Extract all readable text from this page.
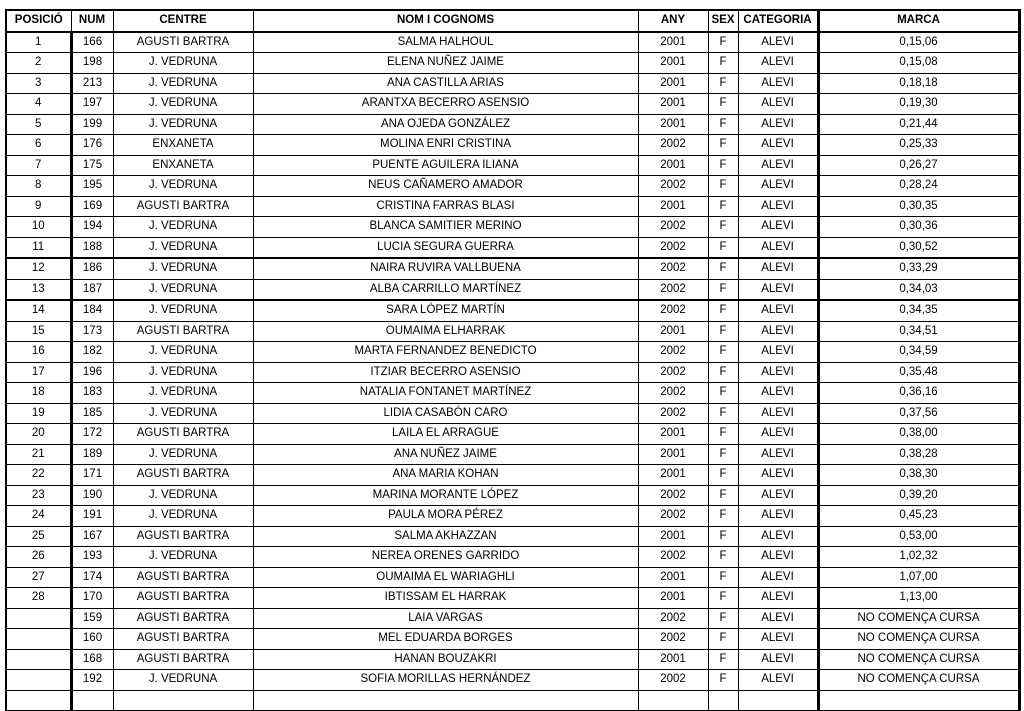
POSICIÓ	NUM	CENTRE	NOM I COGNOMS	ANY	SEX	CATEGORIA	MARCA
1	166	AGUSTI BARTRA	SALMA HALHOUL	2001	F	ALEVI	0,15,06
2	198	J. VEDRUNA	ELENA NUÑEZ JAIME	2001	F	ALEVI	0,15,08
3	213	J. VEDRUNA	ANA CASTILLA ARIAS	2001	F	ALEVI	0,18,18
4	197	J. VEDRUNA	ARANTXA BECERRO ASENSIO	2001	F	ALEVI	0,19,30
5	199	J. VEDRUNA	ANA OJEDA GONZÁLEZ	2001	F	ALEVI	0,21,44
6	176	ENXANETA	MOLINA ENRI CRISTINA	2002	F	ALEVI	0,25,33
7	175	ENXANETA	PUENTE AGUILERA ILIANA	2001	F	ALEVI	0,26,27
8	195	J. VEDRUNA	NEUS CAÑAMERO AMADOR	2002	F	ALEVI	0,28,24
9	169	AGUSTI BARTRA	CRISTINA FARRAS BLASI	2001	F	ALEVI	0,30,35
10	194	J. VEDRUNA	BLANCA SAMITIER MERINO	2002	F	ALEVI	0,30,36
11	188	J. VEDRUNA	LUCIA SEGURA GUERRA	2002	F	ALEVI	0,30,52
12	186	J. VEDRUNA	NAIRA RUVIRA VALLBUENA	2002	F	ALEVI	0,33,29
13	187	J. VEDRUNA	ALBA CARRILLO MARTÍNEZ	2002	F	ALEVI	0,34,03
14	184	J. VEDRUNA	SARA LÓPEZ MARTÍN	2002	F	ALEVI	0,34,35
15	173	AGUSTI BARTRA	OUMAIMA ELHARRAK	2001	F	ALEVI	0,34,51
16	182	J. VEDRUNA	MARTA FERNANDEZ BENEDICTO	2002	F	ALEVI	0,34,59
17	196	J. VEDRUNA	ITZIAR BECERRO ASENSIO	2002	F	ALEVI	0,35,48
18	183	J. VEDRUNA	NATALIA FONTANET MARTÍNEZ	2002	F	ALEVI	0,36,16
19	185	J. VEDRUNA	LIDIA CASABÓN CARO	2002	F	ALEVI	0,37,56
20	172	AGUSTI BARTRA	LAILA EL ARRAGUE	2001	F	ALEVI	0,38,00
21	189	J. VEDRUNA	ANA NUÑEZ JAIME	2001	F	ALEVI	0,38,28
22	171	AGUSTI BARTRA	ANA MARIA KOHAN	2001	F	ALEVI	0,38,30
23	190	J. VEDRUNA	MARINA MORANTE LÓPEZ	2002	F	ALEVI	0,39,20
24	191	J. VEDRUNA	PAULA MORA PÉREZ	2002	F	ALEVI	0,45,23
25	167	AGUSTI BARTRA	SALMA AKHAZZAN	2001	F	ALEVI	0,53,00
26	193	J. VEDRUNA	NEREA ORENES GARRIDO	2002	F	ALEVI	1,02,32
27	174	AGUSTI BARTRA	OUMAIMA EL WARIAGHLI	2001	F	ALEVI	1,07,00
28	170	AGUSTI BARTRA	IBTISSAM EL HARRAK	2001	F	ALEVI	1,13,00
	159	AGUSTI BARTRA	LAIA VARGAS	2002	F	ALEVI	NO COMENÇA CURSA
	160	AGUSTI BARTRA	MEL EDUARDA BORGES	2002	F	ALEVI	NO COMENÇA CURSA
	168	AGUSTI BARTRA	HANAN BOUZAKRI	2001	F	ALEVI	NO COMENÇA CURSA
	192	J. VEDRUNA	SOFIA MORILLAS HERNÁNDEZ	2002	F	ALEVI	NO COMENÇA CURSA
